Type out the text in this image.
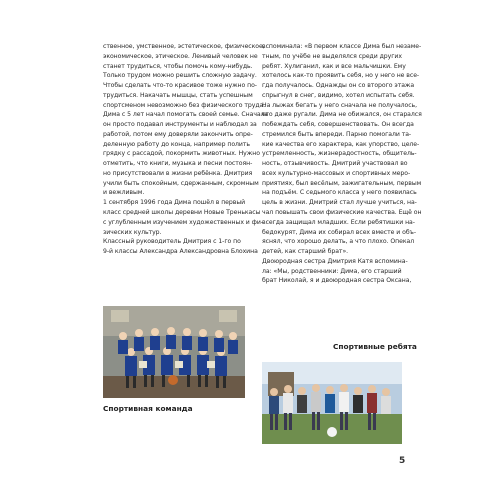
ственное, умственное, эстетическое, физическое,
экономическое, этическое. Ленивый человек не
станет трудиться, чтобы помочь кому-нибудь.
Только трудом можно решить сложную задачу.
Чтобы сделать что-то красивое тоже нужно по-
трудиться. Накачать мышцы, стать успешным
спортсменом невозможно без физического труда.
Дима с 5 лет начал помогать своей семье. Сначала
он просто подавал инструменты и наблюдал за
работой, потом ему доверяли закончить опре-
деленную работу до конца, например полить
грядку с рассадой, покормить животных. Нужно
отметить, что книги, музыка и песни постоян-
но присутствовали в жизни ребёнка. Дмитрия
учили быть спокойным, сдержанным, скромным
и вежливым.
1 сентября 1996 года Дима пошёл в первый
класс средней школы деревни Новые Тренькасы
с углубленным изучением художественных и фи-
зических культур.
Классный руководитель Дмитрия с 1-го по
9-й классы Александра Александровна Блохина
вспоминала: «В первом классе Дима был незаме-
тным, по учёбе не выделялся среди других
ребят. Хулиганил, как и все мальчишки. Ему
хотелось как-то проявить себя, но у него не все-
гда получалось. Однажды он со второго этажа
спрыгнул в снег, видимо, хотел испытать себя.
На лыжах бегать у него сначала не получалось,
его даже ругали. Дима не обижался, он старался
побеждать себя, совершенствовать. Он всегда
стремился быть впереди. Парню помогали та-
кие качества его характера, как упорство, целе-
устремленность, жизнерадостность, общитель-
ность, отзывчивость. Дмитрий участвовал во
всех культурно-массовых и спортивных меро-
приятиях, был весёлым, зажигательным, первым
на подъём. С седьмого класса у него появилась
цель в жизни. Дмитрий стал лучше учиться, на-
чал повышать свои физические качества. Ещё он
всегда защищал младших. Если ребятишки на-
бедокурят, Дима их собирал всех вместе и объ-
яснял, что хорошо делать, а что плохо. Опекал
детей, как старший брат».
Двоюродная сестра Дмитрия Катя вспомина-
ла: «Мы, родственники: Дима, его старший
брат Николай, я и двоюродная сестра Оксана,
Спортивная команда
Спортивные ребята
5
